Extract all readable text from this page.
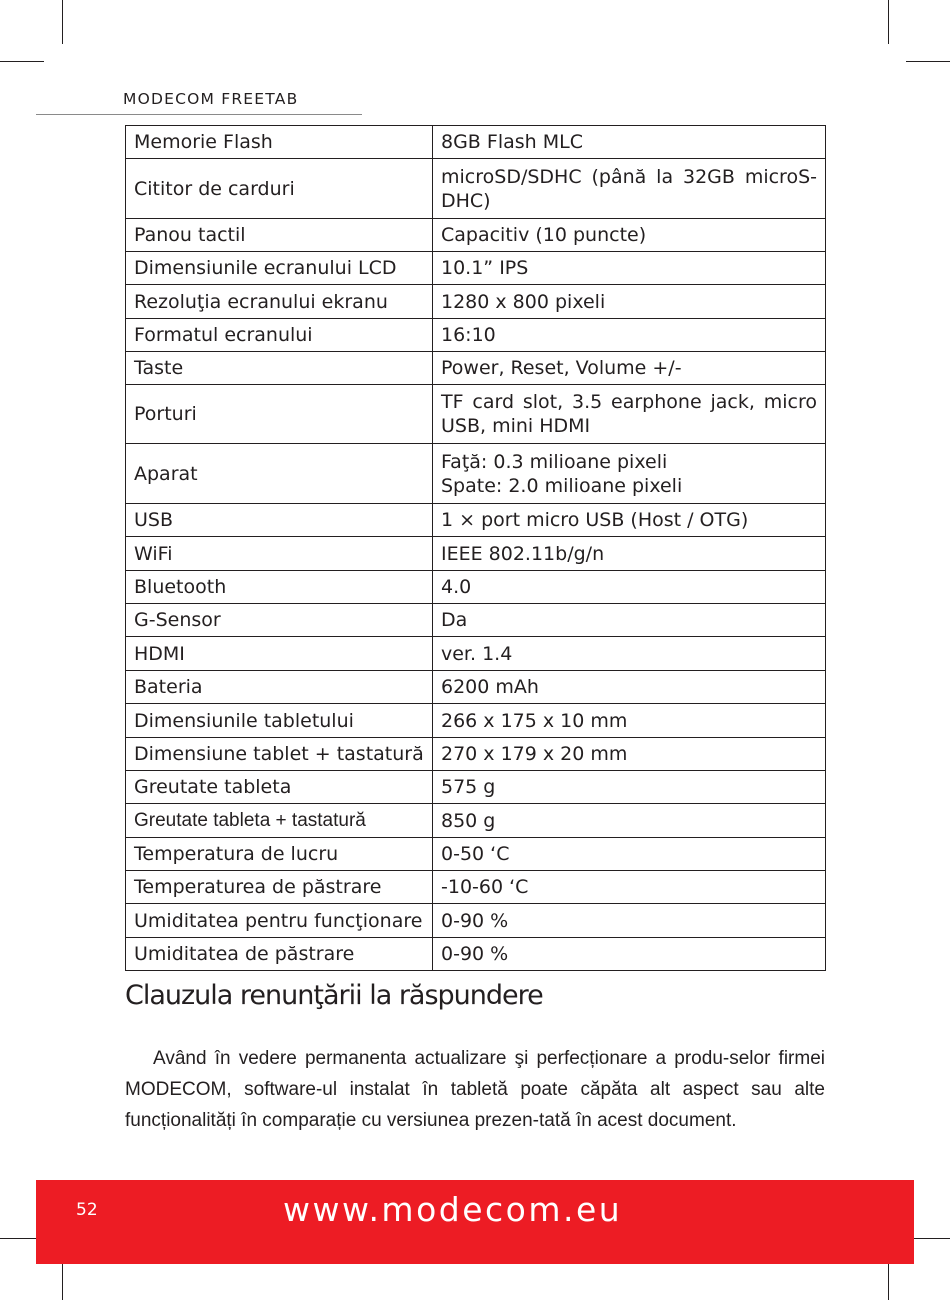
MODECOM FREETAB
Memorie Flash	8GB Flash MLC
Cititor de carduri	microSD/SDHC (până la 32GB microS-DHC)
Panou tactil	Capacitiv (10 puncte)
Dimensiunile ecranului LCD	10.1” IPS
Rezoluţia ecranului ekranu	1280 x 800 pixeli
Formatul ecranului	16:10
Taste	Power, Reset, Volume +/-
Porturi	TF card slot, 3.5 earphone jack, micro USB, mini HDMI
Aparat	Faţă: 0.3 milioane pixeli
Spate: 2.0 milioane pixeli

USB	1 × port micro USB (Host / OTG)
WiFi	IEEE 802.11b/g/n
Bluetooth	4.0
G-Sensor	Da
HDMI	ver. 1.4
Bateria	6200 mAh
Dimensiunile tabletului	266 x 175 x 10 mm
Dimensiune tablet + tastatură	270 x 179 x 20 mm
Greutate tableta	575 g
Greutate tableta + tastatură	850 g
Temperatura de lucru	0-50 ‘C
Temperaturea de păstrare	-10-60 ‘C
Umiditatea pentru funcţionare	0-90 %
Umiditatea de păstrare	0-90 %
Clauzula renunţării la răspundere
Având în vedere permanenta actualizare şi perfecționare a produ-selor firmei MODECOM, software-ul instalat în tabletă poate căpăta alt aspect sau alte funcționalități în comparație cu versiunea prezen-tată în acest document.
52	www.modecom.eu
